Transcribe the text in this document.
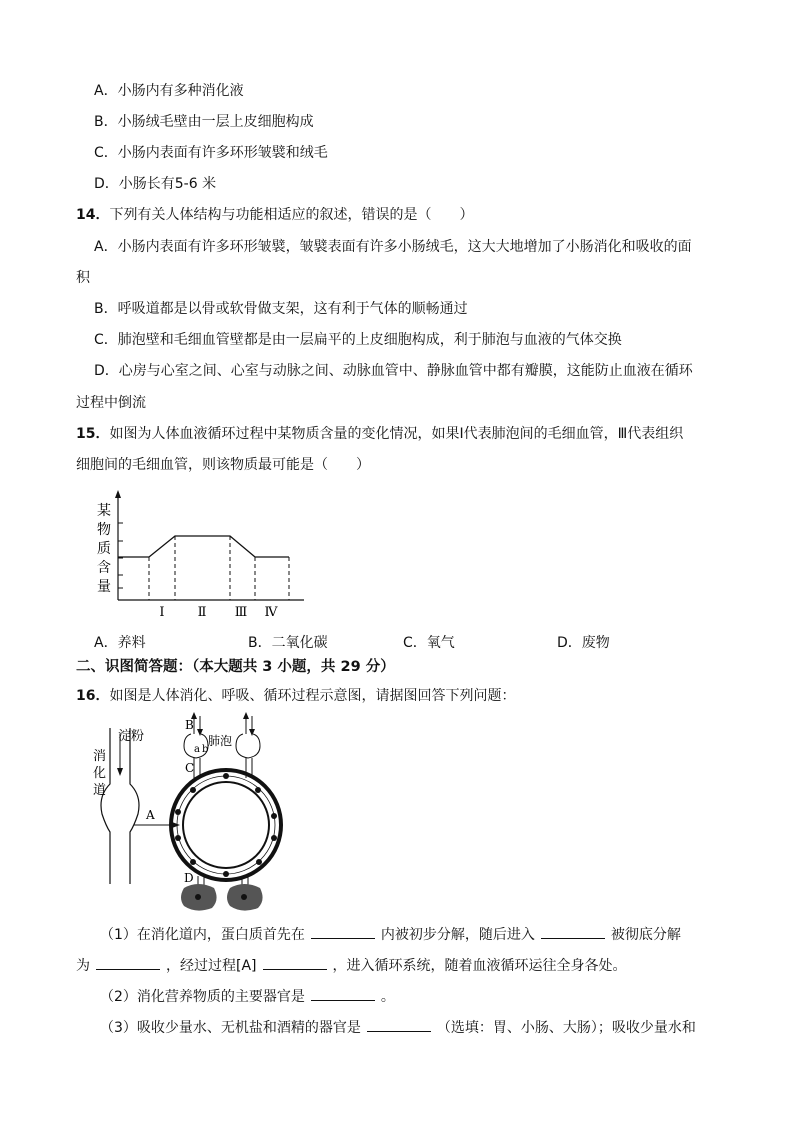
A．小肠内有多种消化液
B．小肠绒毛壁由一层上皮细胞构成
C．小肠内表面有许多环形皱襞和绒毛
D．小肠长有5-6 米
14．下列有关人体结构与功能相适应的叙述，错误的是（　　）
A．小肠内表面有许多环形皱襞，皱襞表面有许多小肠绒毛，这大大地增加了小肠消化和吸收的面
积
B．呼吸道都是以骨或软骨做支架，这有利于气体的顺畅通过
C．肺泡壁和毛细血管壁都是由一层扁平的上皮细胞构成，利于肺泡与血液的气体交换
D．心房与心室之间、心室与动脉之间、动脉血管中、静脉血管中都有瓣膜，这能防止血液在循环
过程中倒流
15．如图为人体血液循环过程中某物质含量的变化情况，如果Ⅰ代表肺泡间的毛细血管，Ⅲ代表组织
细胞间的毛细血管，则该物质最可能是（　　）
某
物
质
含
量
Ⅰ	Ⅱ Ⅲ Ⅳ
A．养料	B．二氧化碳	C．氧气	D．废物
二、识图简答题：（本大题共 3 小题，共 29 分）
16．如图是人体消化、呼吸、循环过程示意图，请据图回答下列问题：
淀粉
消
化
道
A
B
a b
肺泡
C
D
（1）在消化道内，蛋白质首先在	内被初步分解，随后进入	被彻底分解
为	，经过过程[A]	，进入循环系统，随着血液循环运往全身各处。
（2）消化营养物质的主要器官是	。
（3）吸收少量水、无机盐和酒精的器官是	（选填：胃、小肠、大肠）；吸收少量水和
